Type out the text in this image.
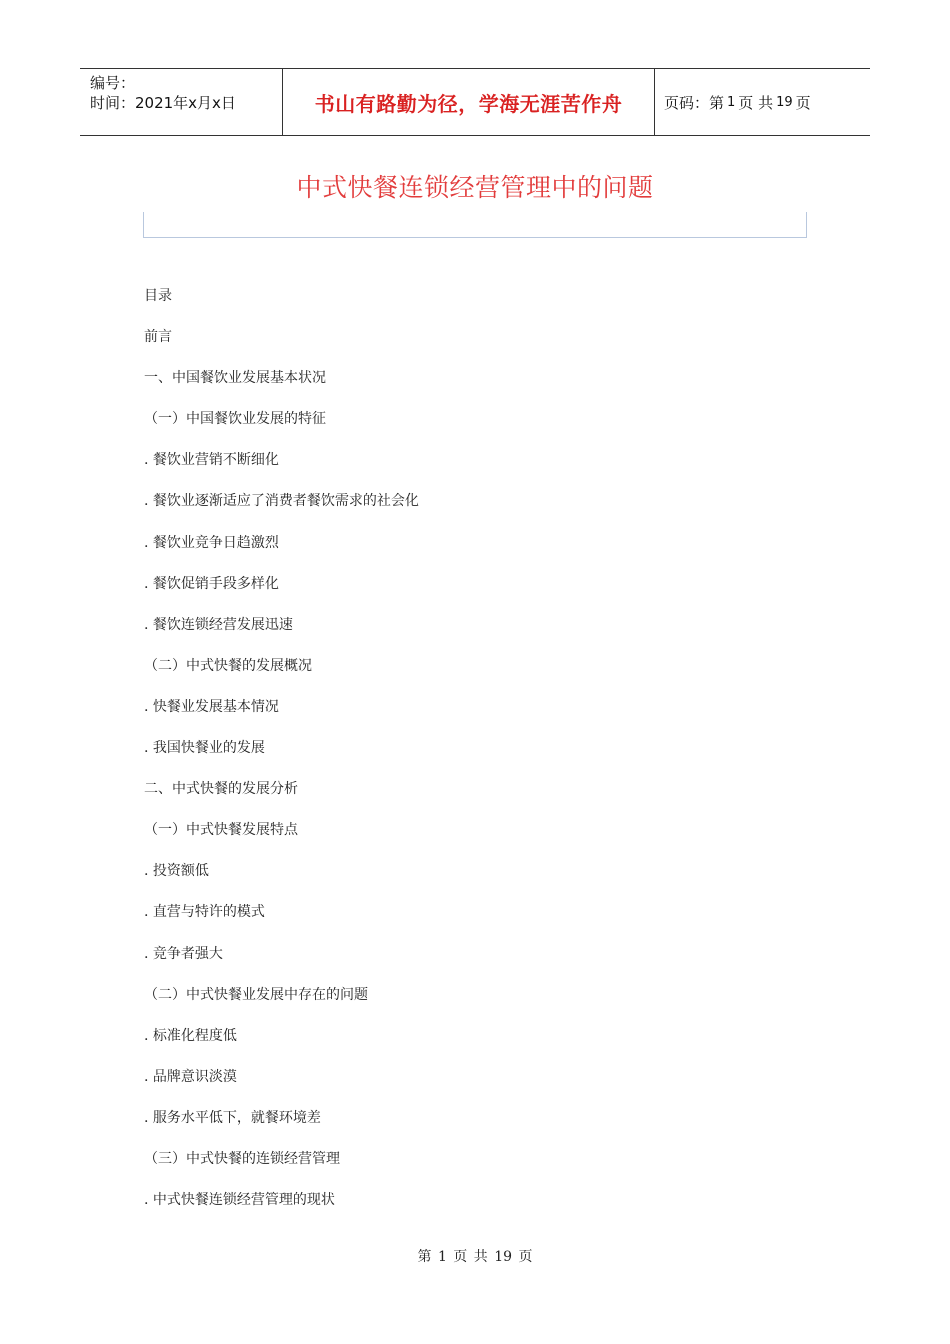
编号：
时间：2021年x月x日	书山有路勤为径，学海无涯苦作舟	页码：第 1 页 共 19 页
中式快餐连锁经营管理中的问题
目录
前言
一、中国餐饮业发展基本状况
（一）中国餐饮业发展的特征
. 餐饮业营销不断细化
. 餐饮业逐渐适应了消费者餐饮需求的社会化
. 餐饮业竞争日趋激烈
. 餐饮促销手段多样化
. 餐饮连锁经营发展迅速
（二）中式快餐的发展概况
. 快餐业发展基本情况
. 我国快餐业的发展
二、中式快餐的发展分析
（一）中式快餐发展特点
. 投资额低
. 直营与特许的模式
. 竞争者强大
（二）中式快餐业发展中存在的问题
. 标准化程度低
. 品牌意识淡漠
. 服务水平低下，就餐环境差
（三）中式快餐的连锁经营管理
. 中式快餐连锁经营管理的现状
第 1 页 共 19 页
